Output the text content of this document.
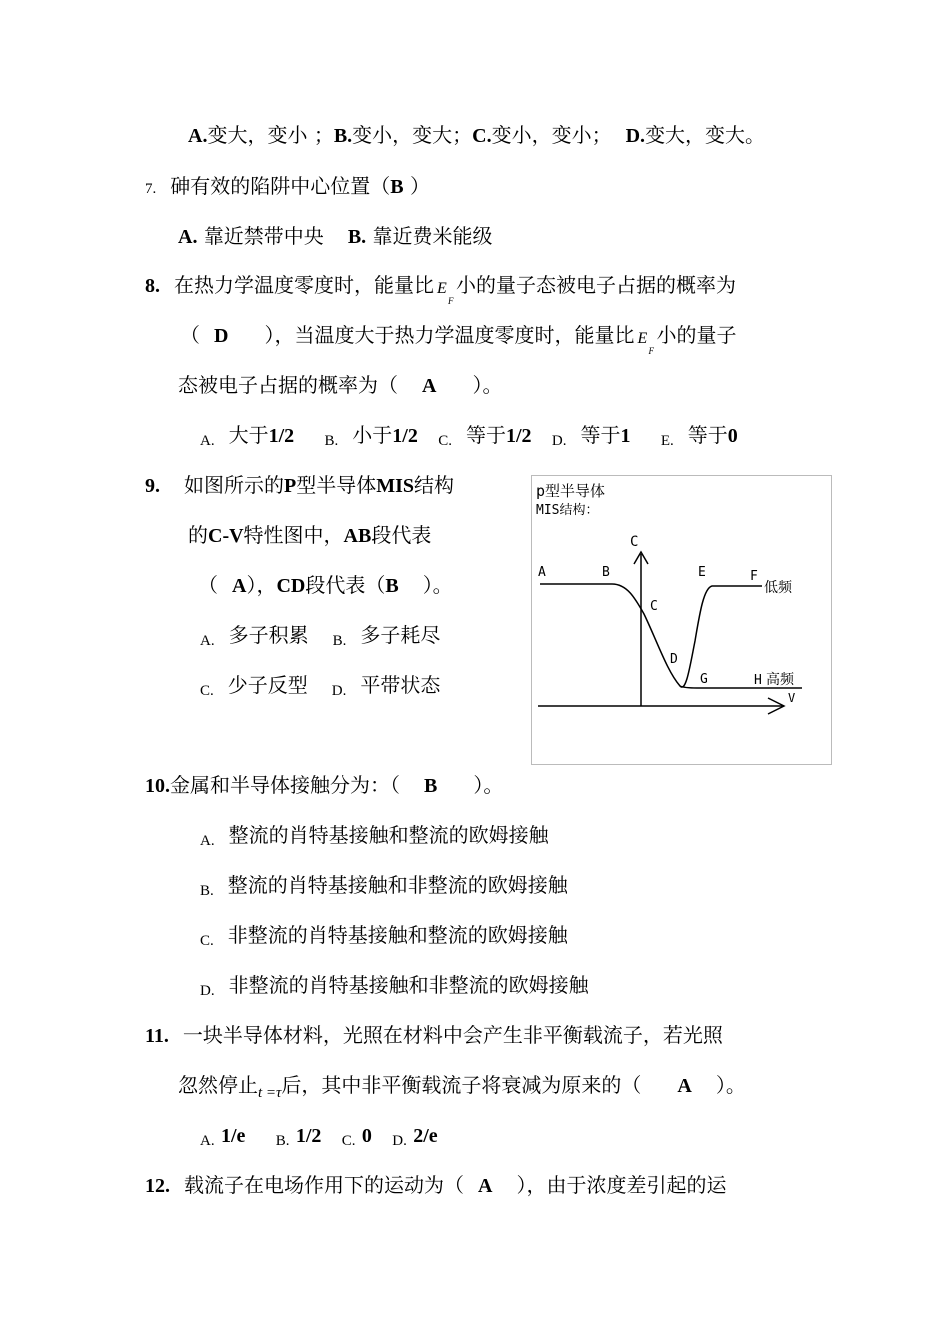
A.变大，变小 ；B.变小，变大；C.变小，变小； D.变大，变大。
7. 砷有效的陷阱中心位置（B ）
A. 靠近禁带中央 B. 靠近费米能级
8. 在热力学温度零度时，能量比 E
F
小的量子态被电子占据的概率为
（ D ），当温度大于热力学温度零度时，能量比 E
F
小的量子
态被电子占据的概率为（ A ）。
A. 大于1/2 B. 小于1/2 C. 等于1/2 D. 等于1 E. 等于0
9. 如图所示的P型半导体MIS结构
的C-V特性图中，AB段代表
（ A），CD段代表（B ）。
A. 多子积累 B. 多子耗尽
C. 少子反型 D. 平带状态
p型半导体
MIS结构：
C
V
A	B
C
D
E	F
G	H
低频
高频
10.金属和半导体接触分为：（ B ）。
A. 整流的肖特基接触和整流的欧姆接触
B. 整流的肖特基接触和非整流的欧姆接触
C. 非整流的肖特基接触和整流的欧姆接触
D. 非整流的肖特基接触和非整流的欧姆接触
11. 一块半导体材料，光照在材料中会产生非平衡载流子，若光照
忽然停止$_{t =\tau}$后，其中非平衡载流子将衰减为原来的（ A ）。
A. 1/e B. 1/2 C. 0 D. 2/e
12. 载流子在电场作用下的运动为（ A ），由于浓度差引起的运
